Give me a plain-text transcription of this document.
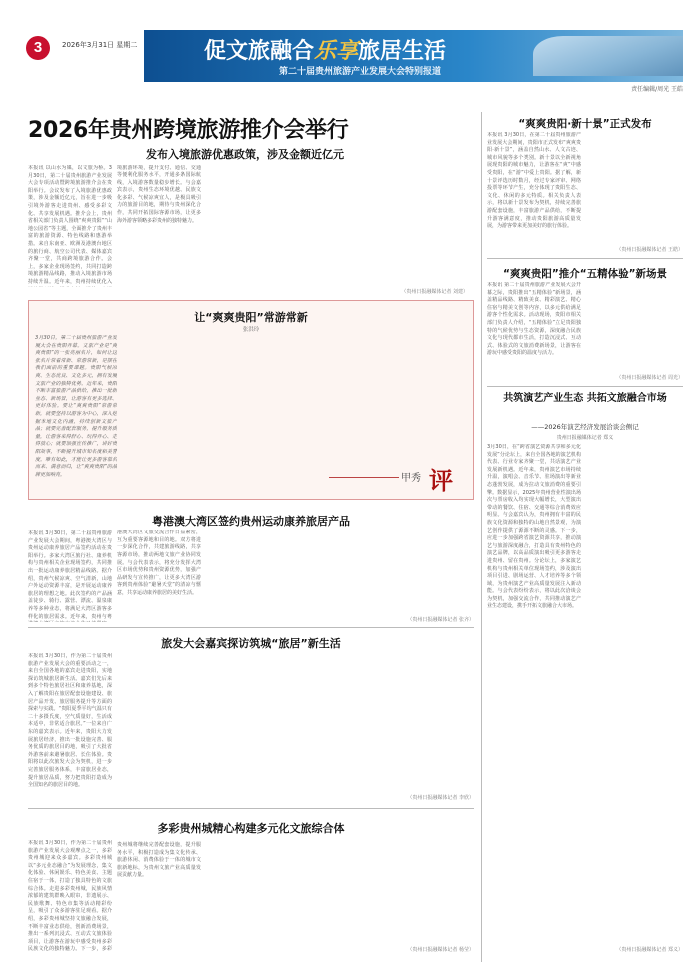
3	2026年3月31日 星期二	促文旅融合乐享旅居生活
第二十届贵州旅游产业发展大会特别报道
责任编辑/周光 王皓
2026年贵州跨境旅游推介会举行
发布入境旅游优惠政策，涉及金额近亿元
本报讯 以山水为媒，以文旅为桥。3月30日，第二十届贵州旅游产业发展大会专项活动暨跨境旅游推介会在贵阳举行。会议发布了入境旅游优惠政策，涉及金额近亿元，旨在进一步吸引境外游客走进贵州、感受多彩文化、共享发展机遇。推介会上，贵州省相关部门负责人围绕“爽爽贵阳”“山地公园省”等主题，全面推介了贵州丰富的旅游资源、特色线路和惠游举措。来自东南亚、欧洲及港澳台地区的旅行商、航空公司代表、媒体嘉宾齐聚一堂，共商跨境旅游合作。会上，多家企业现场签约，共同打造跨境旅游精品线路，推动入境旅游市场持续升温。近年来，贵州持续优化入
境旅游环境，提升支付、通信、交通等便利化服务水平，开通多条国际航线，入境游客数量稳步增长。与会嘉宾表示，贵州生态环境优越、民族文化多彩、气候凉爽宜人，是极具吸引力的旅游目的地，期待与贵州深化合作，共同开拓国际客源市场，让更多海外游客领略多彩贵州的独特魅力。
（贵州日报融媒体记者 刘建）
“爽爽贵阳·新十景”正式发布
本报讯 3月30日，在第二十届贵州旅游产业发展大会期间，贵阳市正式发布“爽爽贵阳·新十景”，涵盖自然山水、人文古迹、城市风貌等多个类别。新十景以全新视角展现贵阳的城市魅力，让游客在“爽”中感受贵阳，在“游”中爱上贵阳。据了解，新十景评选历时数月，经过专家评审、网络投票等环节产生，充分体现了贵阳生态、文化、休闲的多元特质。相关负责人表示，将以新十景发布为契机，持续完善旅游配套设施，丰富旅游产品供给，不断提升游客满意度，推动贵阳旅游高质量发展，为游客带来更加美好的旅行体验。
（贵州日报融媒体记者 王皓）
“爽爽贵阳”推介“五精体验”新场景
本报讯 第二十届贵州旅游产业发展大会开幕之际，贵阳推出“五精体验”新场景，涵盖精品线路、精致美食、精彩演艺、精心住宿与精美文创等内容，以多元供给满足游客个性化需求。活动现场，贵阳市相关部门负责人介绍，“五精体验”立足贵阳独特的气候优势与生态资源，深度融合民族文化与现代都市生活，打造沉浸式、互动式、体验式的文旅消费新场景，让游客在游玩中感受贵阳的温度与活力。
（贵州日报融媒体记者 周光）
让“爽爽贵阳”常游常新
张洪玲
3月30日，第二十届贵州旅游产业发展大会在贵阳开幕。文旅产业是“爽爽贵阳”的一张亮丽名片，如何让这张名片常看常新、常游常新，是摆在我们面前的重要课题。贵阳气候凉爽、生态优良、文化多元，拥有发展文旅产业的独特优势。近年来，贵阳不断丰富旅游产品供给，推出一批新业态、新场景，让游客有更多选择、更好体验。要让“爽爽贵阳”常游常新，就要坚持以游客为中心，深入挖掘本地文化内涵，持续创新文旅产品；就要完善配套服务，提升服务质量，让游客来得舒心、玩得开心、走得放心；就要加强宣传推广，讲好贵阳故事，不断提升城市知名度和美誉度。唯有如此，才能让更多游客慕名而来、满意而归，让“爽爽贵阳”的品牌更加响亮。	甲秀 评
共筑演艺产业生态 共拓文旅融合市场
——2026年演艺经济发展洽谈会侧记
贵州日报融媒体记者 郑义
3月30日，在“跨省演艺资源共享和多元化发展”分论坛上，来自全国各地的演艺机构代表、行业专家齐聚一堂，共话演艺产业发展新机遇。近年来，贵州演艺市场持续升温，演唱会、音乐节、驻场演出等新业态蓬勃发展，成为拉动文旅消费的重要引擎。数据显示，2025年贵州营业性演出场次与票房收入均实现大幅增长，大型演出带动的餐饮、住宿、交通等综合消费效应明显。与会嘉宾认为，贵州拥有丰富的民族文化资源和独特的山地自然景观，为演艺创作提供了源源不断的灵感。下一步，应进一步加强跨省演艺资源共享，推动演艺与旅游深度融合，打造具有贵州特色的演艺品牌，以高品质演出吸引更多游客走进贵州、留在贵州。分论坛上，多家演艺机构与贵州相关单位现场签约，涉及演出项目引进、剧场运营、人才培养等多个领域，为贵州演艺产业高质量发展注入新动能。与会代表纷纷表示，将以此次洽谈会为契机，加强交流合作，共同推动演艺产业生态建设，携手开拓文旅融合大市场。
（贵州日报融媒体记者 郑义）
粤港澳大湾区签约贵州运动康养旅居产品
本报讯 3月30日，第二十届贵州旅游产业发展大会期间，粤港澳大湾区与贵州运动康养旅居产品签约活动在贵阳举行。多家大湾区旅行社、康养机构与贵州相关企业现场签约，共同推出一批运动康养旅居精品线路。据介绍，贵州气候凉爽、空气清新，山地户外运动资源丰富，是开展运动康养旅居的理想之地。此次签约的产品涵盖徒步、骑行、露营、漂流、温泉康养等多种业态，将满足大湾区游客多样化的旅居需求。近年来，贵州与粤
港澳大湾区文旅交流合作日益紧密，互为重要客源地和目的地。双方将进一步深化合作，共建旅游线路，共享客源市场，推动两地文旅产业协同发展。与会代表表示，将充分发挥大湾区市场优势和贵州资源优势，加强产品研发与宣传推广，让更多大湾区游客到贵州体验“避暑天堂”的清凉与惬意，共享运动康养旅居的美好生活。
（贵州日报融媒体记者 张齐）
旅发大会嘉宾探访筑城“旅居”新生活
本报讯 3月30日，作为第二十届贵州旅游产业发展大会的重要活动之一，来自全国各地的嘉宾走进贵阳，实地探访筑城旅居新生活。嘉宾们先后来到多个特色旅居社区和康养基地，深入了解贵阳在旅居配套设施建设、旅居产品开发、旅居服务提升等方面的探索与实践。“贵阳夏季平均气温只有二十多摄氏度，空气质量好，生活成本适中，非常适合旅居。”一位来自广东的嘉宾表示。近年来，贵阳大力发展旅居经济，推出一批设施完善、服务优质的旅居目的地，吸引了大批省外游客前来避暑旅居、长住体验。贵阳将以此次旅发大会为契机，进一步完善旅居服务体系，丰富旅居业态，提升旅居品质，努力把贵阳打造成为全国知名的旅居目的地。
（贵州日报融媒体记者 李欣）
多彩贵州城精心构建多元化文旅综合体
本报讯 3月30日，作为第二十届贵州旅游产业发展大会观摩点之一，多彩贵州城迎来众多嘉宾。多彩贵州城以“多元业态融合”为发展理念，集文化体验、休闲娱乐、特色美食、主题住宿于一体，打造了独具特色的文旅综合体。走进多彩贵州城，民族风情浓郁的建筑群映入眼帘，非遗展示、民族歌舞、特色市集等活动精彩纷呈，吸引了众多游客驻足观看。据介绍，多彩贵州城坚持文旅融合发展，不断丰富业态供给，创新消费场景，推出一系列沉浸式、互动式文旅体验项目，让游客在游玩中感受贵州多彩民族文化的独特魅力。下一步，多彩
贵州城将继续完善配套设施，提升服务水平，积极打造成为集文化传承、旅游休闲、消费体验于一体的城市文旅新地标，为贵州文旅产业高质量发展贡献力量。
（贵州日报融媒体记者 杨莹）
